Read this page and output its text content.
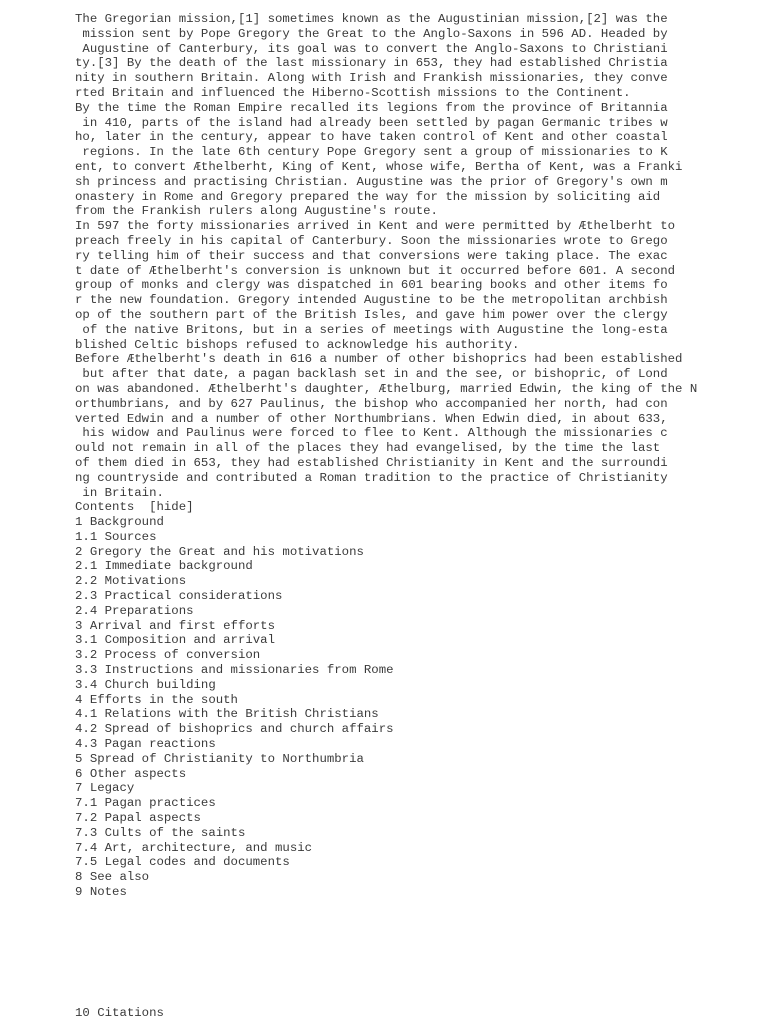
The Gregorian mission,[1] sometimes known as the Augustinian mission,[2] was the
mission sent by Pope Gregory the Great to the Anglo-Saxons in 596 AD. Headed by
Augustine of Canterbury, its goal was to convert the Anglo-Saxons to Christiani
ty.[3] By the death of the last missionary in 653, they had established Christia
nity in southern Britain. Along with Irish and Frankish missionaries, they conve
rted Britain and influenced the Hiberno-Scottish missions to the Continent.
By the time the Roman Empire recalled its legions from the province of Britannia
in 410, parts of the island had already been settled by pagan Germanic tribes w
ho, later in the century, appear to have taken control of Kent and other coastal
regions. In the late 6th century Pope Gregory sent a group of missionaries to K
ent, to convert Æthelberht, King of Kent, whose wife, Bertha of Kent, was a Franki
sh princess and practising Christian. Augustine was the prior of Gregory's own m
onastery in Rome and Gregory prepared the way for the mission by soliciting aid
from the Frankish rulers along Augustine's route.
In 597 the forty missionaries arrived in Kent and were permitted by Æthelberht to
preach freely in his capital of Canterbury. Soon the missionaries wrote to Grego
ry telling him of their success and that conversions were taking place. The exac
t date of Æthelberht's conversion is unknown but it occurred before 601. A second
group of monks and clergy was dispatched in 601 bearing books and other items fo
r the new foundation. Gregory intended Augustine to be the metropolitan archbish
op of the southern part of the British Isles, and gave him power over the clergy
of the native Britons, but in a series of meetings with Augustine the long-esta
blished Celtic bishops refused to acknowledge his authority.
Before Æthelberht's death in 616 a number of other bishoprics had been established
but after that date, a pagan backlash set in and the see, or bishopric, of Lond
on was abandoned. Æthelberht's daughter, Æthelburg, married Edwin, the king of the N
orthumbrians, and by 627 Paulinus, the bishop who accompanied her north, had con
verted Edwin and a number of other Northumbrians. When Edwin died, in about 633,
his widow and Paulinus were forced to flee to Kent. Although the missionaries c
ould not remain in all of the places they had evangelised, by the time the last
of them died in 653, they had established Christianity in Kent and the surroundi
ng countryside and contributed a Roman tradition to the practice of Christianity
in Britain.
Contents  [hide]
1 Background
1.1 Sources
2 Gregory the Great and his motivations
2.1 Immediate background
2.2 Motivations
2.3 Practical considerations
2.4 Preparations
3 Arrival and first efforts
3.1 Composition and arrival
3.2 Process of conversion
3.3 Instructions and missionaries from Rome
3.4 Church building
4 Efforts in the south
4.1 Relations with the British Christians
4.2 Spread of bishoprics and church affairs
4.3 Pagan reactions
5 Spread of Christianity to Northumbria
6 Other aspects
7 Legacy
7.1 Pagan practices
7.2 Papal aspects
7.3 Cults of the saints
7.4 Art, architecture, and music
7.5 Legal codes and documents
8 See also
9 Notes
10 Citations
